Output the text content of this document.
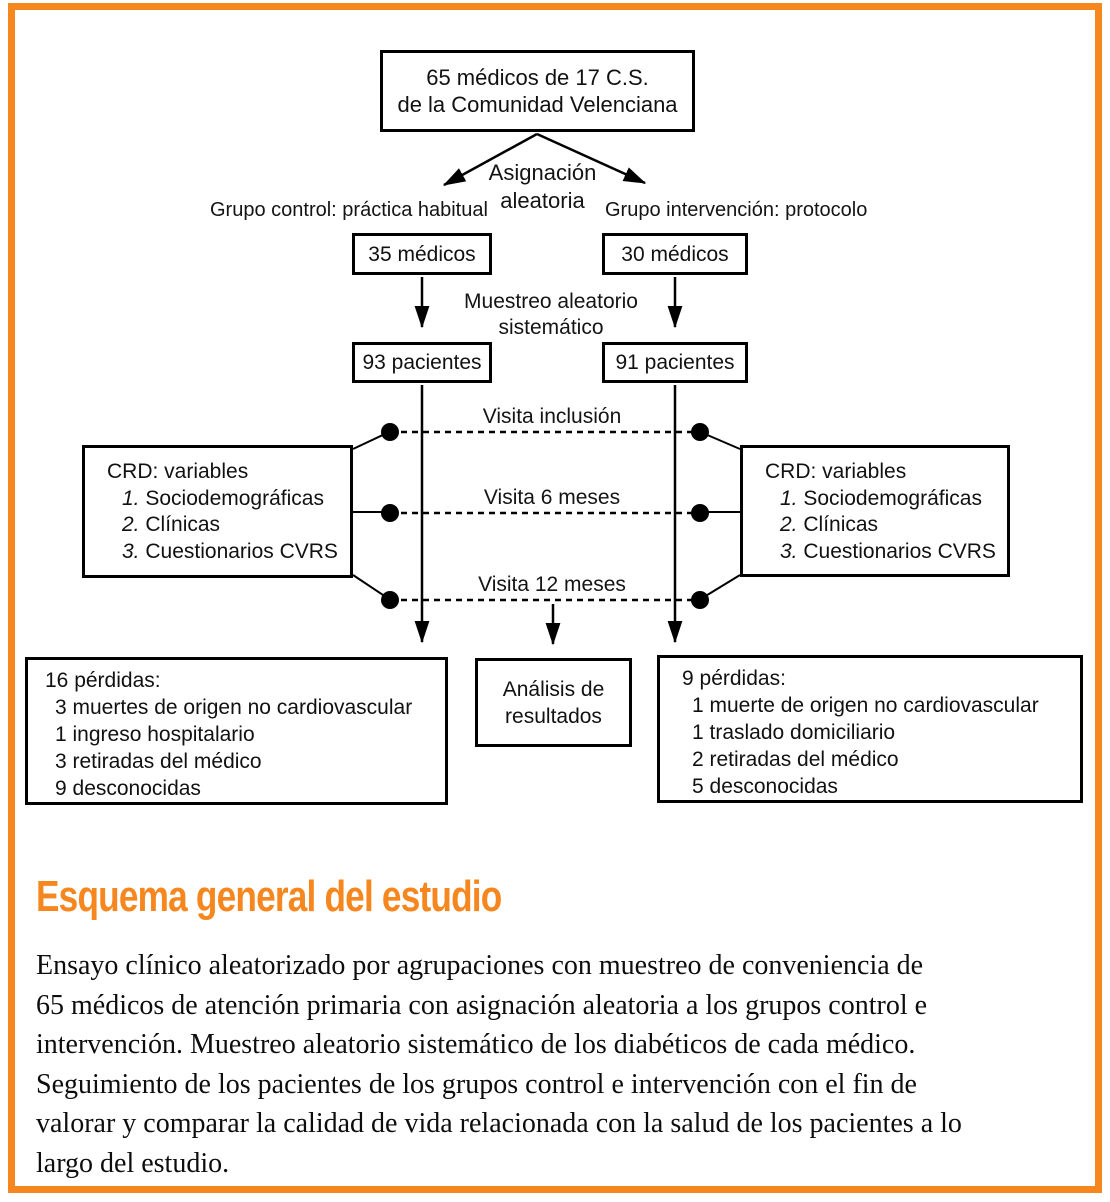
65 médicos de 17 C.S.
de la Comunidad Velenciana
Asignación
aleatoria
Grupo control: práctica habitual	Grupo intervención: protocolo
35 médicos	30 médicos
Muestreo aleatorio
sistemático
93 pacientes	91 pacientes
Visita inclusión
Visita 6 meses
Visita 12 meses
CRD: variables
1. Sociodemográficas
2. Clínicas
3. Cuestionarios CVRS
CRD: variables
1. Sociodemográficas
2. Clínicas
3. Cuestionarios CVRS
16 pérdidas:
3 muertes de origen no cardiovascular
1 ingreso hospitalario
3 retiradas del médico
9 desconocidas
Análisis de
resultados
9 pérdidas:
1 muerte de origen no cardiovascular
1 traslado domiciliario
2 retiradas del médico
5 desconocidas
Esquema general del estudio
Ensayo clínico aleatorizado por agrupaciones con muestreo de conveniencia de
65 médicos de atención primaria con asignación aleatoria a los grupos control e
intervención. Muestreo aleatorio sistemático de los diabéticos de cada médico.
Seguimiento de los pacientes de los grupos control e intervención con el fin de
valorar y comparar la calidad de vida relacionada con la salud de los pacientes a lo
largo del estudio.
